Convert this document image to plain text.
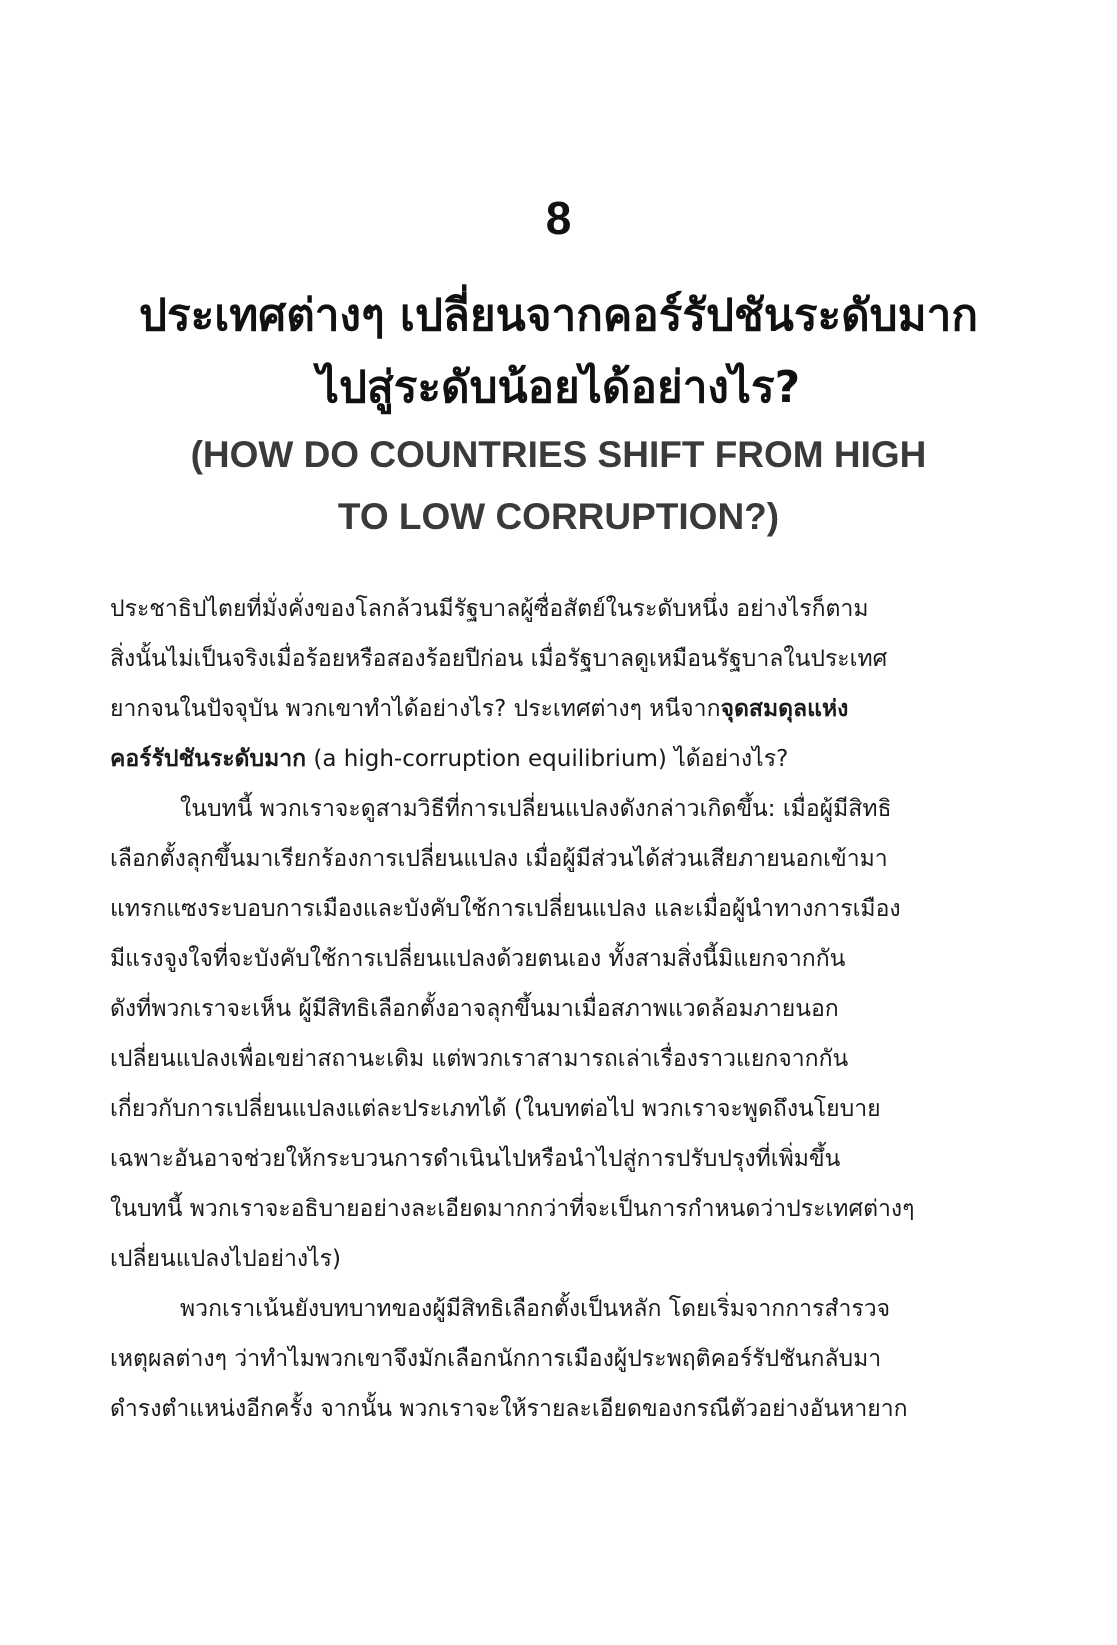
8
ประเทศต่างๆ เปลี่ยนจากคอร์รัปชันระดับมาก
ไปสู่ระดับน้อยได้อย่างไร?
(HOW DO COUNTRIES SHIFT FROM HIGH
TO LOW CORRUPTION?)
ประชาธิปไตยที่มั่งคั่งของโลกล้วนมีรัฐบาลผู้ซื่อสัตย์ในระดับหนึ่ง อย่างไรก็ตาม
สิ่งนั้นไม่เป็นจริงเมื่อร้อยหรือสองร้อยปีก่อน เมื่อรัฐบาลดูเหมือนรัฐบาลในประเทศ
ยากจนในปัจจุบัน พวกเขาทำได้อย่างไร? ประเทศต่างๆ หนีจากจุดสมดุลแห่ง
คอร์รัปชันระดับมาก (a high-corruption equilibrium) ได้อย่างไร?
ในบทนี้ พวกเราจะดูสามวิธีที่การเปลี่ยนแปลงดังกล่าวเกิดขึ้น: เมื่อผู้มีสิทธิ
เลือกตั้งลุกขึ้นมาเรียกร้องการเปลี่ยนแปลง เมื่อผู้มีส่วนได้ส่วนเสียภายนอกเข้ามา
แทรกแซงระบอบการเมืองและบังคับใช้การเปลี่ยนแปลง และเมื่อผู้นำทางการเมือง
มีแรงจูงใจที่จะบังคับใช้การเปลี่ยนแปลงด้วยตนเอง ทั้งสามสิ่งนี้มิแยกจากกัน
ดังที่พวกเราจะเห็น ผู้มีสิทธิเลือกตั้งอาจลุกขึ้นมาเมื่อสภาพแวดล้อมภายนอก
เปลี่ยนแปลงเพื่อเขย่าสถานะเดิม แต่พวกเราสามารถเล่าเรื่องราวแยกจากกัน
เกี่ยวกับการเปลี่ยนแปลงแต่ละประเภทได้ (ในบทต่อไป พวกเราจะพูดถึงนโยบาย
เฉพาะอันอาจช่วยให้กระบวนการดำเนินไปหรือนำไปสู่การปรับปรุงที่เพิ่มขึ้น
ในบทนี้ พวกเราจะอธิบายอย่างละเอียดมากกว่าที่จะเป็นการกำหนดว่าประเทศต่างๆ
เปลี่ยนแปลงไปอย่างไร)
พวกเราเน้นยังบทบาทของผู้มีสิทธิเลือกตั้งเป็นหลัก โดยเริ่มจากการสำรวจ
เหตุผลต่างๆ ว่าทำไมพวกเขาจึงมักเลือกนักการเมืองผู้ประพฤติคอร์รัปชันกลับมา
ดำรงตำแหน่งอีกครั้ง จากนั้น พวกเราจะให้รายละเอียดของกรณีตัวอย่างอันหายาก
